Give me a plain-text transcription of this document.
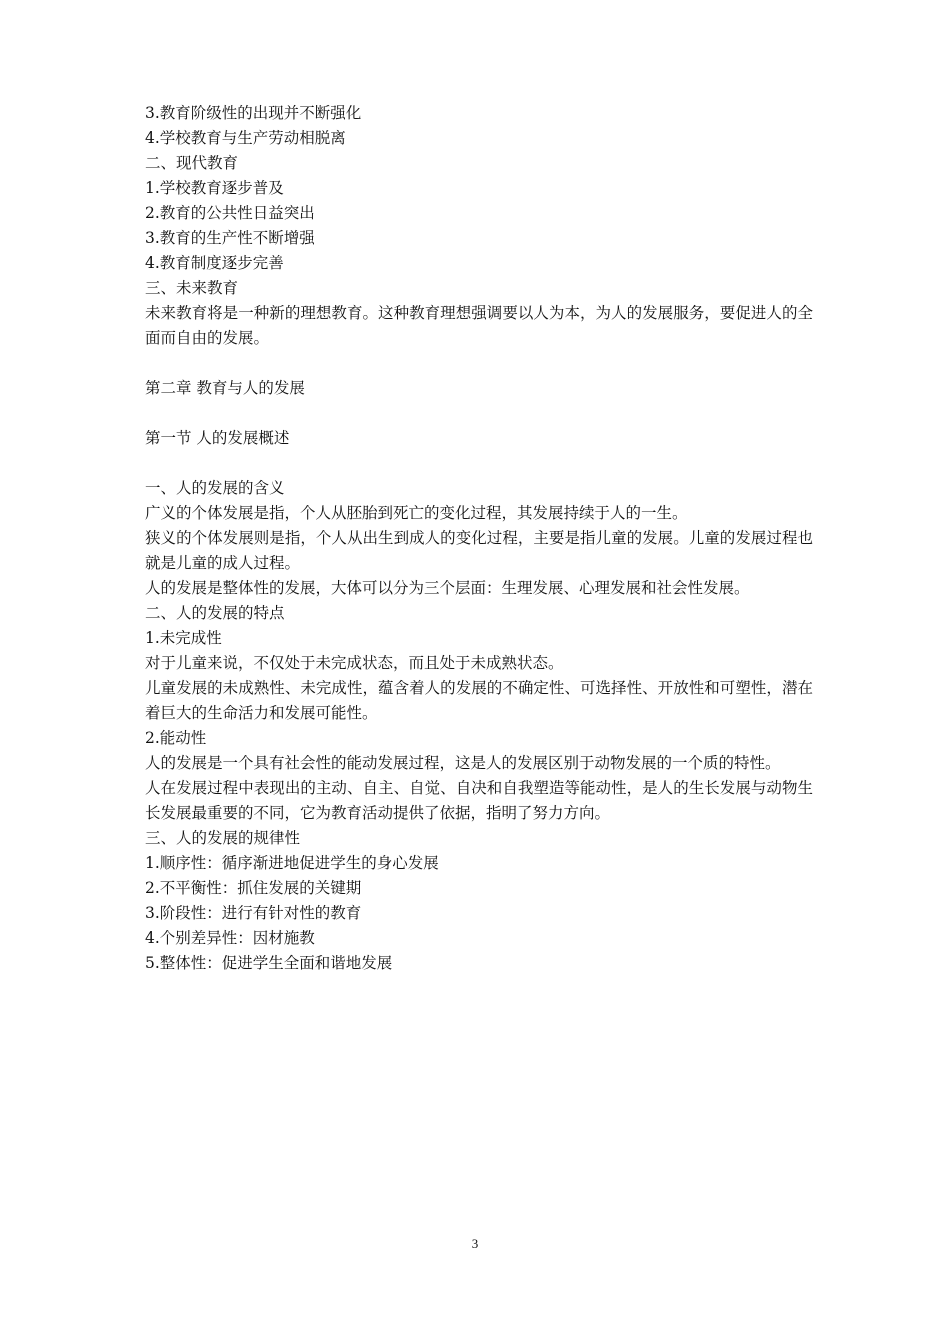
3.教育阶级性的出现并不断强化
4.学校教育与生产劳动相脱离
二、现代教育
1.学校教育逐步普及
2.教育的公共性日益突出
3.教育的生产性不断增强
4.教育制度逐步完善
三、未来教育

未来教育将是一种新的理想教育。这种教育理想强调要以人为本，为人的发展服务，要促进人的全面而自由的发展。

第二章 教育与人的发展
第一节 人的发展概述
一、人的发展的含义
广义的个体发展是指，个人从胚胎到死亡的变化过程，其发展持续于人的一生。

狭义的个体发展则是指，个人从出生到成人的变化过程，主要是指儿童的发展。儿童的发展过程也就是儿童的成人过程。

人的发展是整体性的发展，大体可以分为三个层面：生理发展、心理发展和社会性发展。
二、人的发展的特点
1.未完成性
对于儿童来说，不仅处于未完成状态，而且处于未成熟状态。

儿童发展的未成熟性、未完成性，蕴含着人的发展的不确定性、可选择性、开放性和可塑性，潜在着巨大的生命活力和发展可能性。

2.能动性

人的发展是一个具有社会性的能动发展过程，这是人的发展区别于动物发展的一个质的特性。

人在发展过程中表现出的主动、自主、自觉、自决和自我塑造等能动性，是人的生长发展与动物生长发展最重要的不同，它为教育活动提供了依据，指明了努力方向。

三、人的发展的规律性
1.顺序性：循序渐进地促进学生的身心发展
2.不平衡性：抓住发展的关键期
3.阶段性：进行有针对性的教育
4.个别差异性：因材施教
5.整体性：促进学生全面和谐地发展
3
